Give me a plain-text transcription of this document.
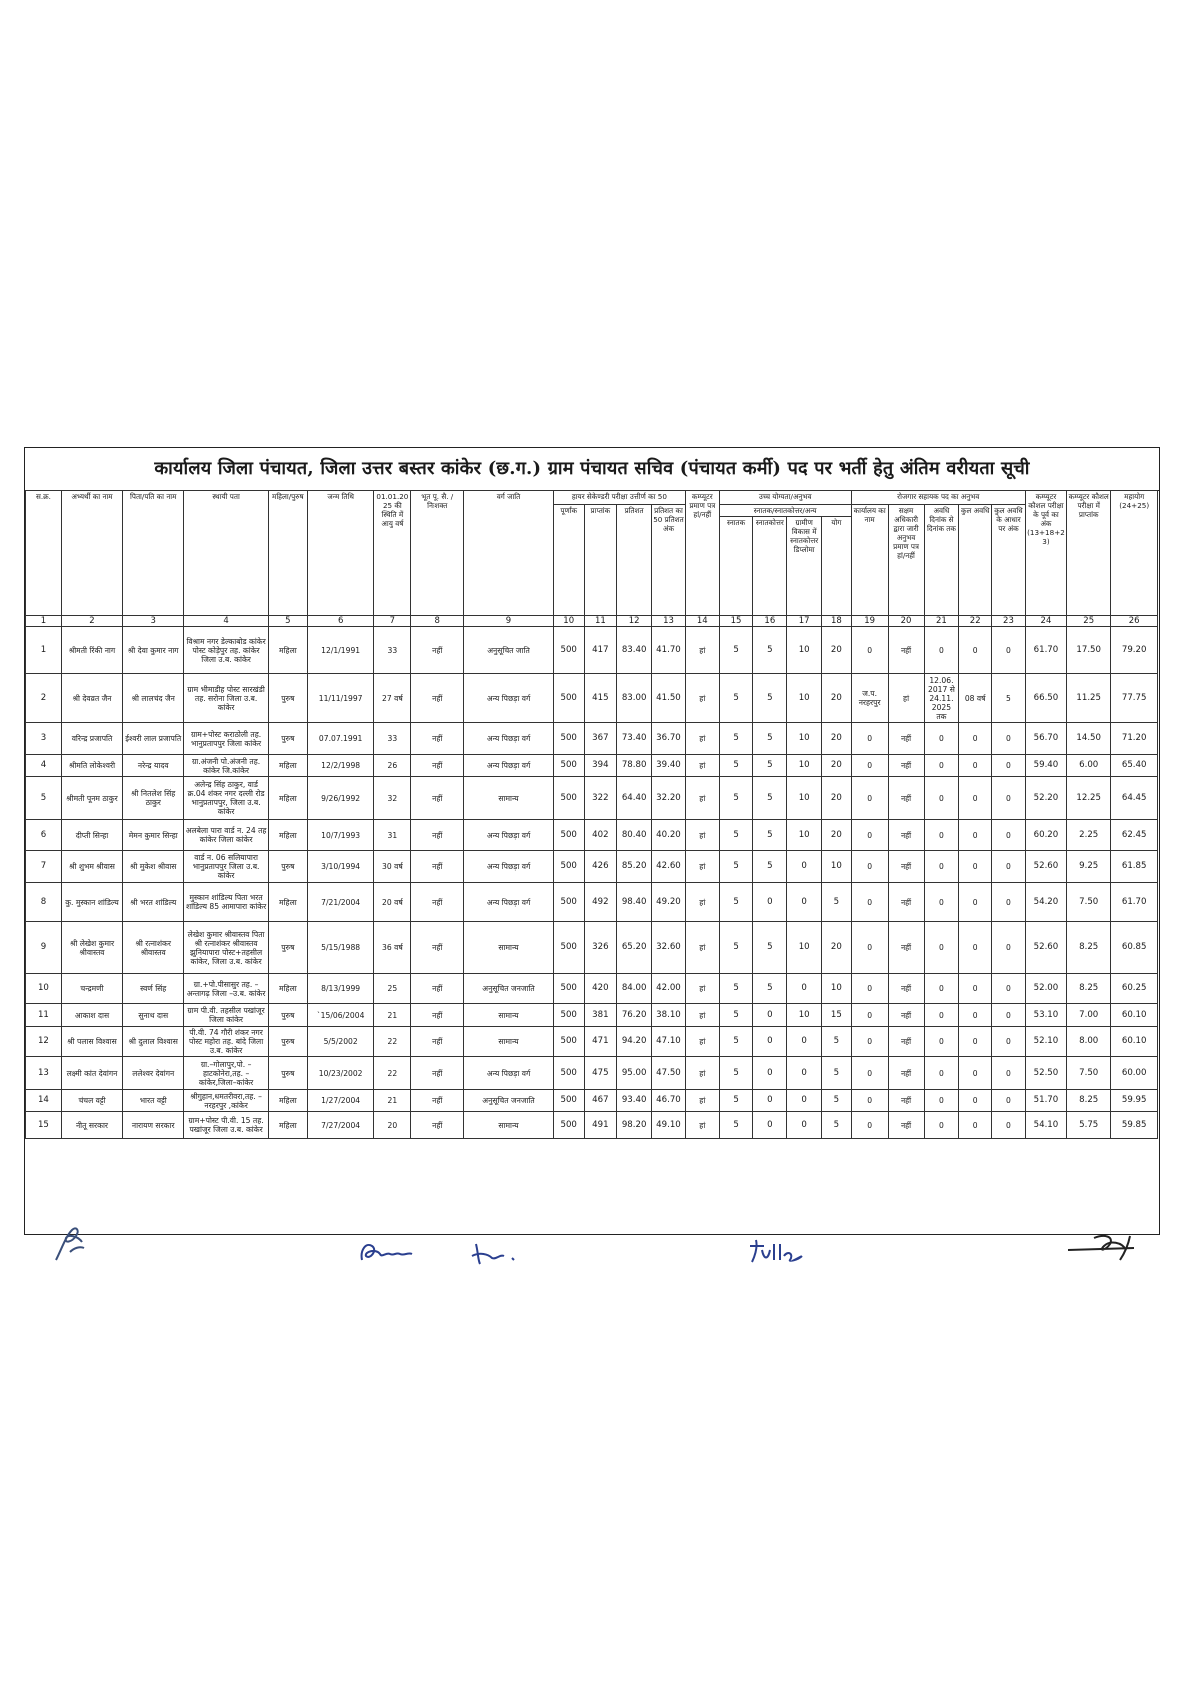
कार्यालय जिला पंचायत, जिला उत्तर बस्तर कांकेर (छ.ग.) ग्राम पंचायत सचिव (पंचायत कर्मी) पद पर भर्ती हेतु अंतिम वरीयता सूची
स.क्र.	अभ्यर्थी का नाम	पिता/पति का नाम	स्थायी पता	महिला/पुरुष	जन्म तिथि	01.01.2025 की स्थिति में आयु वर्ष	भूत पू. सै. /निःशक्त	वर्ग जाति	हायर सेकेण्डरी परीक्षा उत्तीर्ण का 50				कम्प्यूटर प्रमाण पत्र हां/नहीं	उच्च योग्यता/अनुभव				रोजगार सहायक पद का अनुभव					कम्प्यूटर कौशल परीक्षा के पूर्व का अंक (13+18+23)	कम्प्यूटर कौशल परीक्षा में प्राप्तांक	महायोग (24+25)
									पूर्णांक	प्राप्तांक	प्रतिशत	प्रतिशत का 50 प्रतिशत अंक		स्नातक/स्नातकोत्तर/अन्य				कार्यालय का नाम	सक्षम अधिकारी द्वारा जारी अनुभव प्रमाण पत्र हां/नहीं	अवधि दिनांक से दिनांक तक	कुल अवधि	कुल अवधि के आधार पर अंक			
														स्नातक	स्नातकोत्तर	ग्रामीण विकास में स्नातकोत्तर डिप्लोमा	योग								
1	2	3	4	5	6	7	8	9	10	11	12	13	14	15	16	17	18	19	20	21	22	23	24	25	26
1	श्रीमती रिंकी नाग	श्री देवा कुमार नाग	विश्राम नगर डेल्काबोड कांकेर पोस्ट कोड़ेपुर तह. कांकेर जिला उ.ब. कांकेर	महिला	12/1/1991	33	नहीं	अनुसूचित जाति	500	417	83.40	41.70	हां	5	5	10	20	0	नहीं	0	0	0	61.70	17.50	79.20
2	श्री देवव्रत जैन	श्री लालचंद जैन	ग्राम भीमाडीह पोस्ट सारखंडी तह. सरोना जिला उ.ब. कांकेर	पुरुष	11/11/1997	27 वर्ष	नहीं	अन्य पिछड़ा वर्ग	500	415	83.00	41.50	हां	5	5	10	20	ज.प. नरहरपुर	हां	12.06. 2017 से 24.11. 2025 तक	08 वर्ष	5	66.50	11.25	77.75
3	वरिन्द्र प्रजापति	ईश्वरी लाल प्रजापति	ग्राम+पोस्ट कराठोली तह. भानुप्रतापपुर जिला कांकेर	पुरुष	07.07.1991	33	नहीं	अन्य पिछड़ा वर्ग	500	367	73.40	36.70	हां	5	5	10	20	0	नहीं	0	0	0	56.70	14.50	71.20
4	श्रीमति लोकेश्वरी	नरेन्द्र यादव	ग्रा.अंजनी पो.अंजनी तह. कांकेर जि.कांकेर	महिला	12/2/1998	26	नहीं	अन्य पिछड़ा वर्ग	500	394	78.80	39.40	हां	5	5	10	20	0	नहीं	0	0	0	59.40	6.00	65.40
5	श्रीमती पूनम ठाकुर	श्री नितलेश सिंह ठाकुर	अलेन्द्र सिंह ठाकुर, वार्ड क्र.04 शंकर नगर दल्ली रोड भानुप्रतापपुर, जिला उ.ब. कांकेर	महिला	9/26/1992	32	नहीं	सामान्य	500	322	64.40	32.20	हां	5	5	10	20	0	नहीं	0	0	0	52.20	12.25	64.45
6	दीप्ती सिन्हा	मेमन कुमार सिन्हा	अलबेला पारा वार्ड न. 24 तह कांकेर जिला कांकेर	महिला	10/7/1993	31	नहीं	अन्य पिछड़ा वर्ग	500	402	80.40	40.20	हां	5	5	10	20	0	नहीं	0	0	0	60.20	2.25	62.45
7	श्री शुभम श्रीवास	श्री मुकेश श्रीवास	वार्ड न. 06 सलियापारा भानुप्रतापपुर जिला उ.ब. कांकेर	पुरुष	3/10/1994	30 वर्ष	नहीं	अन्य पिछड़ा वर्ग	500	426	85.20	42.60	हां	5	5	0	10	0	नहीं	0	0	0	52.60	9.25	61.85
8	कु. मुस्कान शांडिल्य	श्री भरत शांडिल्य	मुस्कान शांडिल्य पिता भरत शांडिल्य 85 आमापारा कांकेर	महिला	7/21/2004	20 वर्ष	नहीं	अन्य पिछड़ा वर्ग	500	492	98.40	49.20	हां	5	0	0	5	0	नहीं	0	0	0	54.20	7.50	61.70
9	श्री लेखेश कुमार श्रीवास्तव	श्री रत्नाशंकर श्रीवास्तव	लेखेश कुमार श्रीवास्तव पिता श्री रत्नाशंकर श्रीवास्तव झुनियापारा पोस्ट+तहसील कांकेर, जिला उ.ब. कांकेर	पुरुष	5/15/1988	36 वर्ष	नहीं	सामान्य	500	326	65.20	32.60	हां	5	5	10	20	0	नहीं	0	0	0	52.60	8.25	60.85
10	चन्द्रमणी	स्वर्ण सिंह	ग्रा.+पो.पीसासुर तह. –अन्तागढ़ जिला –उ.ब. कांकेर	महिला	8/13/1999	25	नहीं	अनुसूचित जनजाति	500	420	84.00	42.00	हां	5	5	0	10	0	नहीं	0	0	0	52.00	8.25	60.25
11	आकाश दास	सुनाथ दास	ग्राम पी.वी. तहसील पखांजूर जिला कांकेर	पुरुष	`15/06/2004	21	नहीं	सामान्य	500	381	76.20	38.10	हां	5	0	10	15	0	नहीं	0	0	0	53.10	7.00	60.10
12	श्री पलास विश्वास	श्री दुलाल विश्वास	पी.वी. 74 गौरी शंकर नगर पोस्ट महोरा तह. बांदे जिला उ.ब. कांकेर	पुरुष	5/5/2002	22	नहीं	सामान्य	500	471	94.20	47.10	हां	5	0	0	5	0	नहीं	0	0	0	52.10	8.00	60.10
13	लक्ष्मी कांत देवांगन	ललेश्वर देवांगन	ग्रा.–गोलापुर,पो. –हाटकोनेरा,तह. –कांकेर,जिला–कांकेर	पुरुष	10/23/2002	22	नहीं	अन्य पिछड़ा वर्ग	500	475	95.00	47.50	हां	5	0	0	5	0	नहीं	0	0	0	52.50	7.50	60.00
14	चंचल वट्टी	भारत वट्टी	श्रीगुहान,धमतरीवरा,तह. –नरहरपुर ,कांकेर	महिला	1/27/2004	21	नहीं	अनुसूचित जनजाति	500	467	93.40	46.70	हां	5	0	0	5	0	नहीं	0	0	0	51.70	8.25	59.95
15	नीतू सरकार	नारायण सरकार	ग्राम+पोस्ट पी.वी. 15 तह. पखांजूर जिला उ.ब. कांकेर	महिला	7/27/2004	20	नहीं	सामान्य	500	491	98.20	49.10	हां	5	0	0	5	0	नहीं	0	0	0	54.10	5.75	59.85
